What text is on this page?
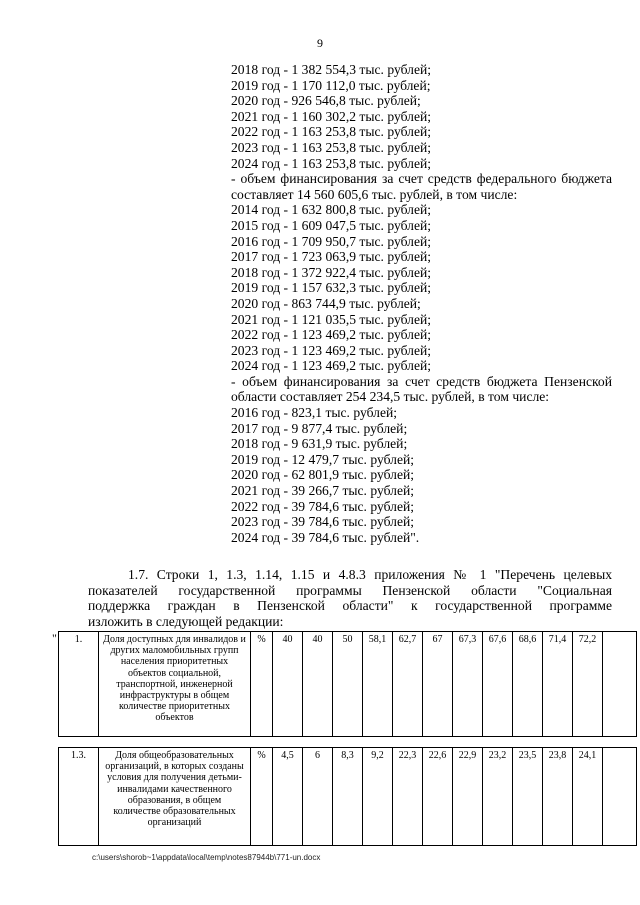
9
2018 год - 1 382 554,3 тыс. рублей;
2019 год - 1 170 112,0 тыс. рублей;
2020 год - 926 546,8 тыс. рублей;
2021 год - 1 160 302,2 тыс. рублей;
2022 год - 1 163 253,8 тыс. рублей;
2023 год - 1 163 253,8 тыс. рублей;
2024 год - 1 163 253,8 тыс. рублей;
- объем финансирования за счет средств федерального бюджета составляет 14 560 605,6 тыс. рублей, в том числе:
2014 год - 1 632 800,8 тыс. рублей;
2015 год - 1 609 047,5 тыс. рублей;
2016 год - 1 709 950,7 тыс. рублей;
2017 год - 1 723 063,9 тыс. рублей;
2018 год - 1 372 922,4 тыс. рублей;
2019 год - 1 157 632,3 тыс. рублей;
2020 год - 863 744,9 тыс. рублей;
2021 год - 1 121 035,5 тыс. рублей;
2022 год - 1 123 469,2 тыс. рублей;
2023 год - 1 123 469,2 тыс. рублей;
2024 год - 1 123 469,2 тыс. рублей;
- объем финансирования за счет средств бюджета Пензенской области составляет 254 234,5 тыс. рублей, в том числе:
2016 год - 823,1 тыс. рублей;
2017 год - 9 877,4 тыс. рублей;
2018 год - 9 631,9 тыс. рублей;
2019 год - 12 479,7 тыс. рублей;
2020 год - 62 801,9 тыс. рублей;
2021 год - 39 266,7 тыс. рублей;
2022 год - 39 784,6 тыс. рублей;
2023 год - 39 784,6 тыс. рублей;
2024 год - 39 784,6 тыс. рублей".
1.7. Строки 1, 1.3, 1.14, 1.15 и 4.8.3 приложения № 1 "Перечень целевых
показателей государственной программы Пензенской области "Социальная
поддержка граждан в Пензенской области" к государственной программе
изложить в следующей редакции:
" 1.	Доля доступных для инвалидов и других маломобильных групп населения приоритетных объектов социальной, транспортной, инженерной инфраструктуры в общем количестве приоритетных объектов	%	40	40	50	58,1	62,7	67	67,3	67,6	68,6	71,4	72,2	
1.3.	Доля общеобразовательных организаций, в которых созданы условия для получения детьми-инвалидами качественного образования, в общем количестве образовательных организаций	%	4,5	6	8,3	9,2	22,3	22,6	22,9	23,2	23,5	23,8	24,1	
c:\users\shorob~1\appdata\local\temp\notes87944b\771-un.docx
